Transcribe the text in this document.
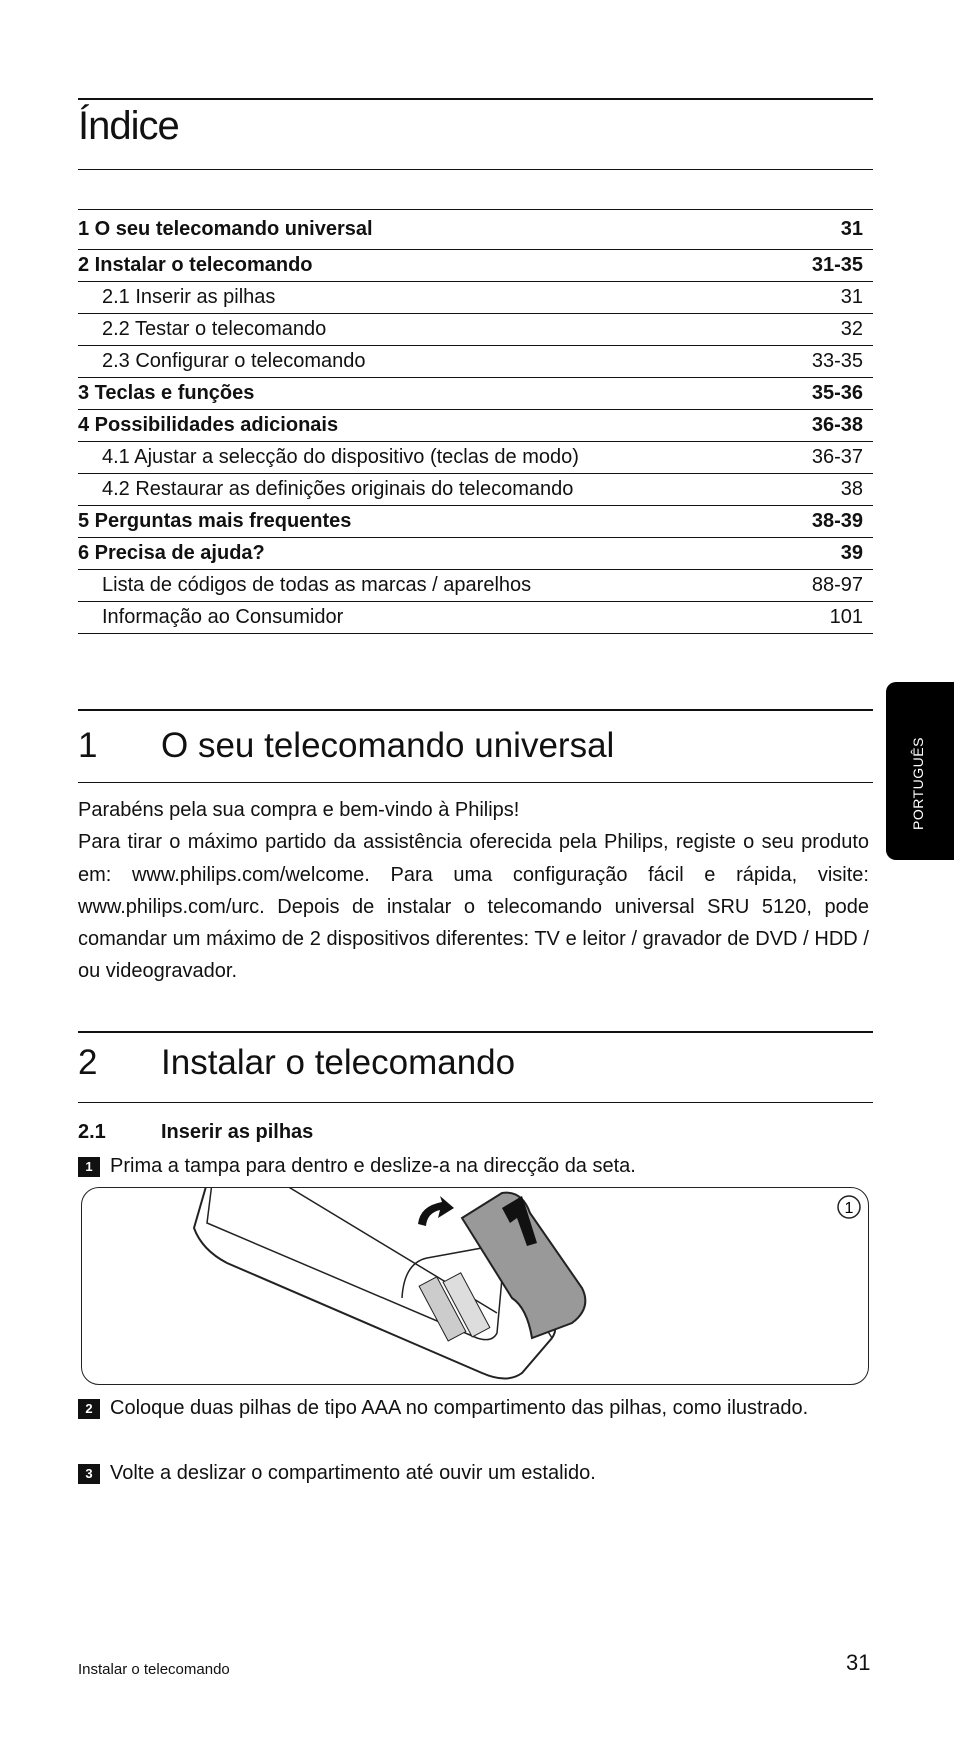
Índice
1 O seu telecomando universal	31
2 Instalar o telecomando	31-35
2.1 Inserir as pilhas	31
2.2 Testar o telecomando	32
2.3 Configurar o telecomando	33-35
3 Teclas e funções	35-36
4 Possibilidades adicionais	36-38
4.1 Ajustar a selecção do dispositivo (teclas de modo)	36-37
4.2 Restaurar as definições originais do telecomando	38
5 Perguntas mais frequentes	38-39
6 Precisa de ajuda?	39
Lista de códigos de todas as marcas / aparelhos	88-97
Informação ao Consumidor	101
PORTUGUÊS
1 O seu telecomando universal

Parabéns pela sua compra e bem-vindo à Philips!

Para tirar o máximo partido da assistência oferecida pela Philips, registe o seu produto em: www.philips.com/welcome. Para uma configuração fácil e rápida, visite: www.philips.com/urc. Depois de instalar o telecomando universal SRU 5120, pode comandar um máximo de 2 dispositivos diferentes: TV e leitor / gravador de DVD / HDD / ou videogravador.

2 Instalar o telecomando
2.1	Inserir as pilhas
1 Prima a tampa para dentro e deslize-a na direcção da seta.
1
2 Coloque duas pilhas de tipo AAA no compartimento das pilhas, como ilustrado.
3 Volte a deslizar o compartimento até ouvir um estalido.
Instalar o telecomando	31
